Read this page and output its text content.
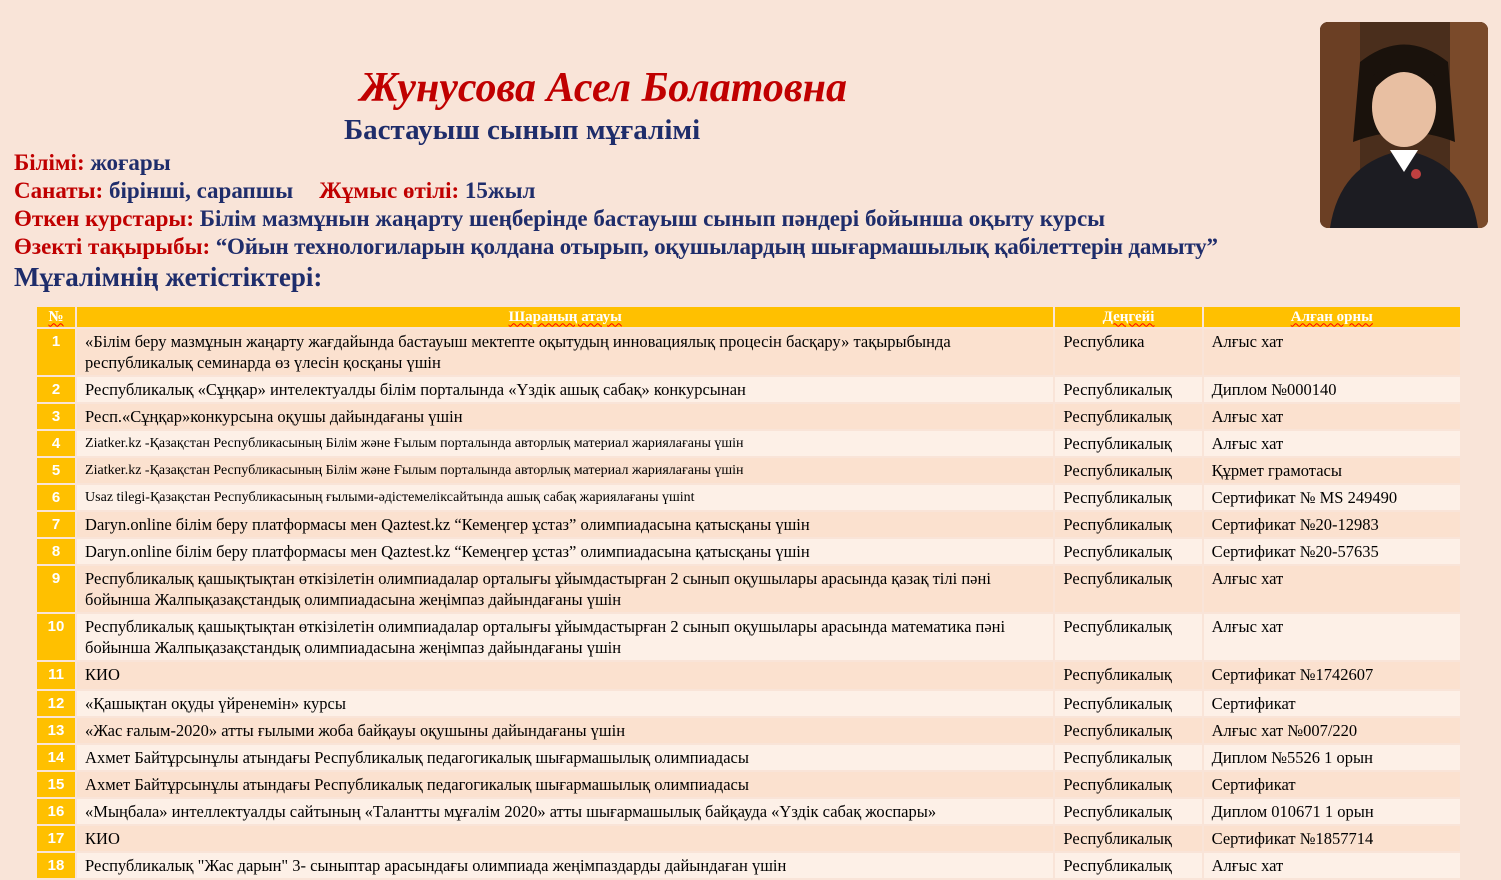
Жунусова Асел Болатовна
Бастауыш сынып мұғалімі
Білімі: жоғары
Санаты: бірінші, сарапшы Жұмыс өтілі: 15жыл
Өткен курстары: Білім мазмұнын жаңарту шеңберінде бастауыш сынып пәндері бойынша оқыту курсы
Өзекті тақырыбы: “Ойын технологиларын қолдана отырып, оқушылардың шығармашылық қабілеттерін дамыту”
Мұғалімнің жетістіктері:
№	Шараның атауы	Деңгейі	Алған орны
1	«Білім беру мазмұнын жаңарту жағдайында бастауыш мектепте оқытудың инновациялық процесін басқару» тақырыбында республикалық семинарда өз үлесін қосқаны үшін	Республика	Алғыс хат
2	Республикалық «Сұңқар» интелектуалды білім порталында «Үздік ашық сабақ» конкурсынан	Республикалық	Диплом №000140
3	Респ.«Сұңқар»конкурсына оқушы дайындағаны үшін	Республикалық	Алғыс хат
4	Ziatker.kz -Қазақстан Республикасының Білім және Ғылым порталында авторлық материал жариялағаны үшін	Республикалық	Алғыс хат
5	Ziatker.kz -Қазақстан Республикасының Білім және Ғылым порталында авторлық материал жариялағаны үшін	Республикалық	Құрмет грамотасы
6	Usaz tilegi-Қазақстан Республикасының ғылыми-әдістемеліксайтында ашық сабақ жариялағаны үшіnt	Республикалық	Сертификат № MS 249490
7	Daryn.online білім беру платформасы мен Qaztest.kz “Кемеңгер ұстаз” олимпиадасына қатысқаны үшін	Республикалық	Сертификат №20-12983
8	Daryn.online білім беру платформасы мен Qaztest.kz “Кемеңгер ұстаз” олимпиадасына қатысқаны үшін	Республикалық	Сертификат №20-57635
9	Республикалық қашықтықтан өткізілетін олимпиадалар орталығы ұйымдастырған 2 сынып оқушылары арасында қазақ тілі пәні бойынша Жалпықазақстандық олимпиадасына жеңімпаз дайындағаны үшін	Республикалық	Алғыс хат
10	Республикалық қашықтықтан өткізілетін олимпиадалар орталығы ұйымдастырған 2 сынып оқушылары арасында математика пәні бойынша Жалпықазақстандық олимпиадасына жеңімпаз дайындағаны үшін	Республикалық	Алғыс хат
11	КИО	Республикалық	Сертификат №1742607
12	«Қашықтан оқуды үйренемін» курсы	Республикалық	Сертификат
13	«Жас ғалым-2020» атты ғылыми жоба байқауы оқушыны дайындағаны үшін	Республикалық	Алғыс хат №007/220
14	Ахмет Байтұрсынұлы атындағы Республикалық педагогикалық шығармашылық олимпиадасы	Республикалық	Диплом №5526 1 орын
15	Ахмет Байтұрсынұлы атындағы Республикалық педагогикалық шығармашылық олимпиадасы	Республикалық	Сертификат
16	«Мыңбала» интеллектуалды сайтының «Талантты мұғалім 2020» атты шығармашылық байқауда «Үздік сабақ жоспары»	Республикалық	Диплом 010671 1 орын
17	КИО	Республикалық	Сертификат №1857714
18	Республикалық "Жас дарын" 3- сыныптар арасындағы олимпиада жеңімпаздарды дайындаған үшін	Республикалық	Алғыс хат
